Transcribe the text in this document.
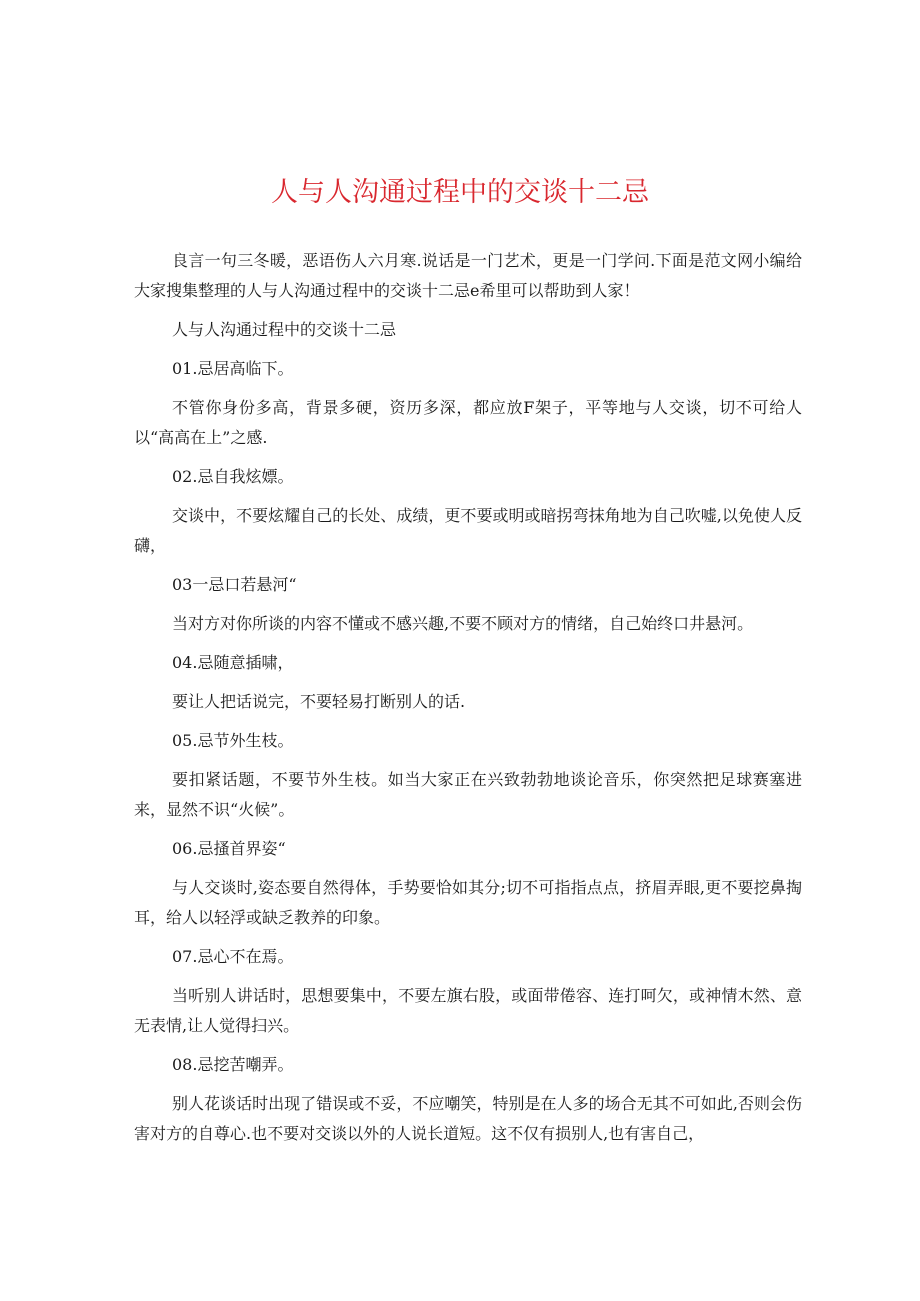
人与人沟通过程中的交谈十二忌

良言一句三冬暖，恶语伤人六月寒.说话是一门艺术，更是一门学问.下面是范文网小编给大家搜集整理的人与人沟通过程中的交谈十二忌e希里可以帮助到人家！

人与人沟通过程中的交谈十二忌

01.忌居高临下。

不管你身份多高，背景多硬，资历多深，都应放F架子，平等地与人交谈，切不可给人以“高高在上”之感.

02.忌自我炫嫖。

交谈中，不要炫耀自己的长处、成绩，更不要或明或暗拐弯抹角地为自己吹嘘,以免使人反礴，

03一忌口若悬河“

当对方对你所谈的内容不懂或不感兴趣,不要不顾对方的情绪，自己始终口井悬河。

04.忌随意插啸，

要让人把话说完，不要轻易打断别人的话.

05.忌节外生枝。

要扣紧话题，不要节外生枝。如当大家正在兴致勃勃地谈论音乐，你突然把足球赛塞进来，显然不识“火候”。

06.忌搔首界姿“

与人交谈时,姿态要自然得体，手势要恰如其分;切不可指指点点，挤眉弄眼,更不要挖鼻掏耳，给人以轻浮或缺乏教养的印象。

07.忌心不在焉。

当听别人讲话时，思想要集中，不要左旗右股，或面带倦容、连打呵欠，或神情木然、意无表情,让人觉得扫兴。

08.忌挖苦嘲弄。

别人花谈话时出现了错误或不妥，不应嘲笑，特别是在人多的场合无其不可如此,否则会伤害对方的自尊心.也不要对交谈以外的人说长道短。这不仅有损别人,也有害自己，
